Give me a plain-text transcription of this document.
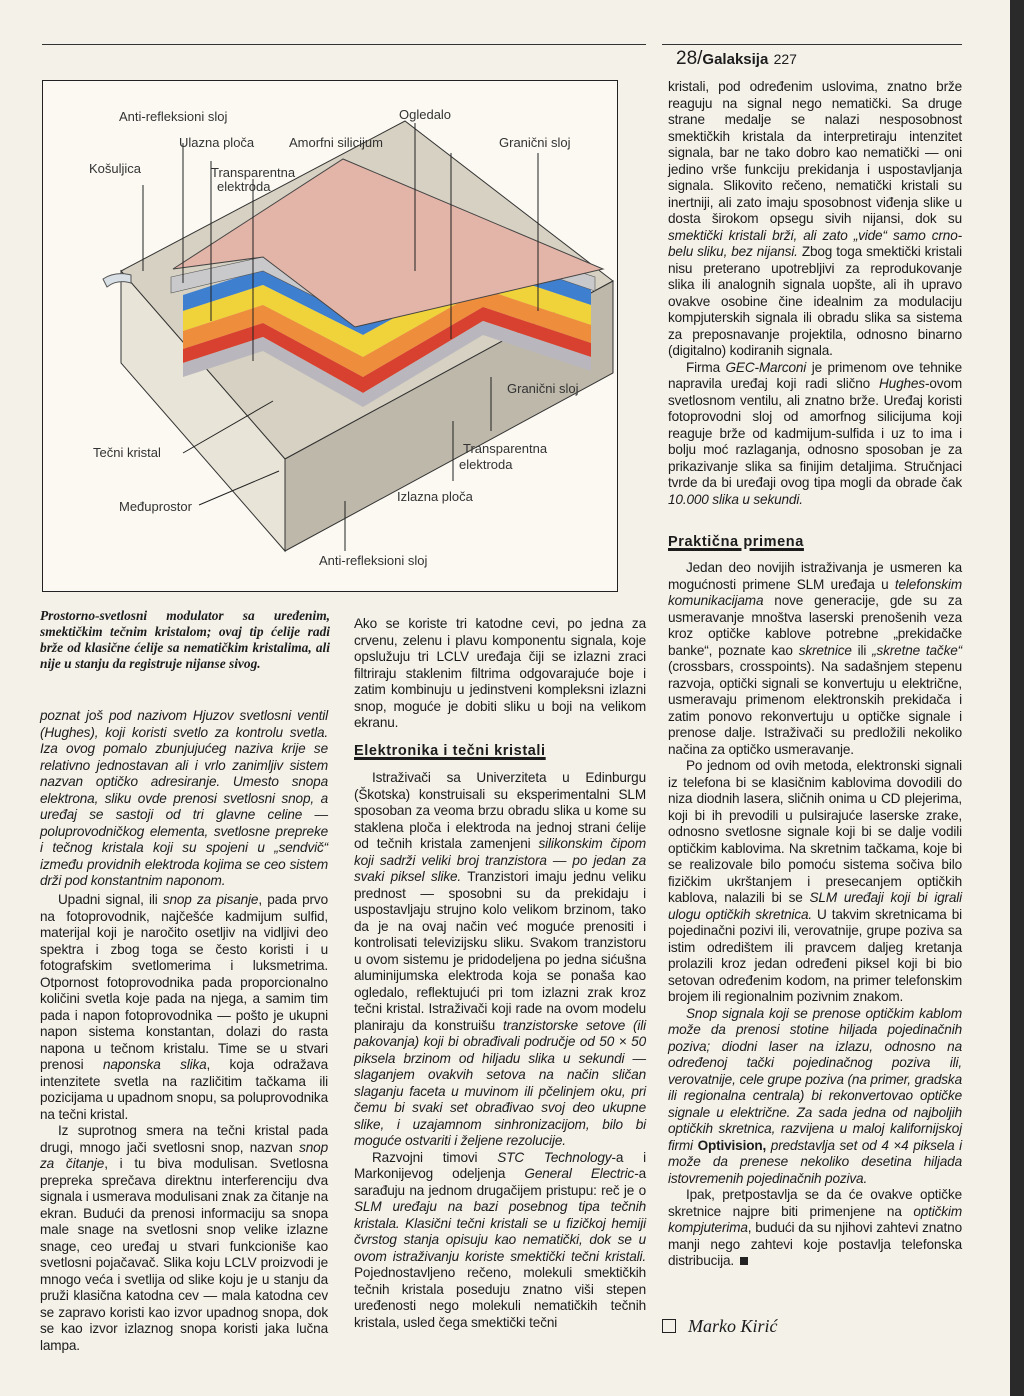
28/Galaksija 227
Anti-refleksioni sloj	Ogledalo
Ulazna ploča	Amorfni silicijum	Granični sloj
Košuljica	Transparentna
elektroda
Granični sloj
Tečni kristal	Transparentna
elektroda
Međuprostor
Izlazna ploča
Anti-refleksioni sloj

Prostorno-svetlosni modulator sa uređenim, smektičkim tečnim kristalom; ovaj tip ćelije radi brže od klasične ćelije sa nematičkim kristalima, ali nije u stanju da registruje nijanse sivog.

poznat još pod nazivom Hjuzov svetlosni ventil (Hughes), koji koristi svetlo za kontrolu svetla. Iza ovog pomalo zbunjujućeg naziva krije se relativno jednostavan ali i vrlo zanimljiv sistem nazvan optičko adresiranje. Umesto snopa elektrona, sliku ovde prenosi svetlosni snop, a uređaj se sastoji od tri glavne celine — poluprovodničkog elementa, svetlosne prepreke i tečnog kristala koji su spojeni u „sendvič“ između providnih elektroda kojima se ceo sistem drži pod konstantnim naponom.

Upadni signal, ili snop za pisanje, pada prvo na fotoprovodnik, najčešće kadmijum sulfid, materijal koji je naročito osetljiv na vidljivi deo spektra i zbog toga se često koristi i u fotografskim svetlomerima i luksmetrima. Otpornost fotoprovodnika pada proporcionalno količini svetla koje pada na njega, a samim tim pada i napon fotoprovodnika — pošto je ukupni napon sistema konstantan, dolazi do rasta napona u tečnom kristalu. Time se u stvari prenosi naponska slika, koja odražava intenzitete svetla na različitim tačkama ili pozicijama u upadnom snopu, sa poluprovodnika na tečni kristal.

Iz suprotnog smera na tečni kristal pada drugi, mnogo jači svetlosni snop, nazvan snop za čitanje, i tu biva modulisan. Svetlosna prepreka sprečava direktnu interferenciju dva signala i usmerava modulisani znak za čitanje na ekran. Budući da prenosi informaciju sa snopa male snage na svetlosni snop velike izlazne snage, ceo uređaj u stvari funkcioniše kao svetlosni pojačavač. Slika koju LCLV proizvodi je mnogo veća i svetlija od slike koju je u stanju da pruži klasična katodna cev — mala katodna cev se zapravo koristi kao izvor upadnog snopa, dok se kao izvor izlaznog snopa koristi jaka lučna lampa.

Ako se koriste tri katodne cevi, po jedna za crvenu, zelenu i plavu komponentu signala, koje opslužuju tri LCLV uređaja čiji se izlazni zraci filtriraju staklenim filtrima odgovarajuće boje i zatim kombinuju u jedinstveni kompleksni izlazni snop, moguće je dobiti sliku u boji na velikom ekranu.

Elektronika i tečni kristali

Istraživači sa Univerziteta u Edinburgu (Škotska) konstruisali su eksperimentalni SLM sposoban za veoma brzu obradu slika u kome su staklena ploča i elektroda na jednoj strani ćelije od tečnih kristala zamenjeni silikonskim čipom koji sadrži veliki broj tranzistora — po jedan za svaki piksel slike. Tranzistori imaju jednu veliku prednost — sposobni su da prekidaju i uspostavljaju strujno kolo velikom brzinom, tako da je na ovaj način već moguće prenositi i kontrolisati televizijsku sliku. Svakom tranzistoru u ovom sistemu je pridodeljena po jedna sićušna aluminijumska elektroda koja se ponaša kao ogledalo, reflektujući pri tom izlazni zrak kroz tečni kristal. Istraživači koji rade na ovom modelu planiraju da konstruišu tranzistorske setove (ili pakovanja) koji bi obrađivali područje od 50 × 50 piksela brzinom od hiljadu slika u sekundi — slaganjem ovakvih setova na način sličan slaganju faceta u muvinom ili pčelinjem oku, pri čemu bi svaki set obrađivao svoj deo ukupne slike, i uzajamnom sinhronizacijom, bilo bi moguće ostvariti i željene rezolucije.

Razvojni timovi STC Technology-a i Markonijevog odeljenja General Electric-a sarađuju na jednom drugačijem pristupu: reč je o SLM uređaju na bazi posebnog tipa tečnih kristala. Klasični tečni kristali se u fizičkoj hemiji čvrstog stanja opisuju kao nematički, dok se u ovom istraživanju koriste smektički tečni kristali. Pojednostavljeno rečeno, molekuli smektičkih tečnih kristala poseduju znatno viši stepen uređenosti nego molekuli nematičkih tečnih kristala, usled čega smektički tečni

kristali, pod određenim uslovima, znatno brže reaguju na signal nego nematički. Sa druge strane medalje se nalazi nesposobnost smektičkih kristala da interpretiraju intenzitet signala, bar ne tako dobro kao nematički — oni jedino vrše funkciju prekidanja i uspostavljanja signala. Slikovito rečeno, nematički kristali su inertniji, ali zato imaju sposobnost viđenja slike u dosta širokom opsegu sivih nijansi, dok su smektički kristali brži, ali zato „vide“ samo crno-belu sliku, bez nijansi. Zbog toga smektički kristali nisu preterano upotrebljivi za reprodukovanje slika ili analognih signala uopšte, ali ih upravo ovakve osobine čine idealnim za modulaciju kompjuterskih signala ili obradu slika sa sistema za preposnavanje projektila, odnosno binarno (digitalno) kodiranih signala.

Firma GEC-Marconi je primenom ove tehnike napravila uređaj koji radi slično Hughes-ovom svetlosnom ventilu, ali znatno brže. Uređaj koristi fotoprovodni sloj od amorfnog silicijuma koji reaguje brže od kadmijum-sulfida i uz to ima i bolju moć razlaganja, odnosno sposoban je za prikazivanje slika sa finijim detaljima. Stručnjaci tvrde da bi uređaji ovog tipa mogli da obrade čak 10.000 slika u sekundi.

Praktična primena

Jedan deo novijih istraživanja je usmeren ka mogućnosti primene SLM uređaja u telefonskim komunikacijama nove generacije, gde su za usmeravanje mnoštva laserski prenošenih veza kroz optičke kablove potrebne „prekidačke banke“, poznate kao skretnice ili „skretne tačke“ (crossbars, crosspoints). Na sadašnjem stepenu razvoja, optički signali se konvertuju u električne, usmeravaju primenom elektronskih prekidača i zatim ponovo rekonvertuju u optičke signale i prenose dalje. Istraživači su predložili nekoliko načina za optičko usmeravanje.

Po jednom od ovih metoda, elektronski signali iz telefona bi se klasičnim kablovima dovodili do niza diodnih lasera, sličnih onima u CD plejerima, koji bi ih prevodili u pulsirajuće laserske zrake, odnosno svetlosne signale koji bi se dalje vodili optičkim kablovima. Na skretnim tačkama, koje bi se realizovale bilo pomoću sistema sočiva bilo fizičkim ukrštanjem i presecanjem optičkih kablova, nalazili bi se SLM uređaji koji bi igrali ulogu optičkih skretnica. U takvim skretnicama bi pojedinačni pozivi ili, verovatnije, grupe poziva sa istim odredištem ili pravcem daljeg kretanja prolazili kroz jedan određeni piksel koji bi bio setovan određenim kodom, na primer telefonskim brojem ili regionalnim pozivnim znakom.

Snop signala koji se prenose optičkim kablom može da prenosi stotine hiljada pojedinačnih poziva; diodni laser na izlazu, odnosno na određenoj tački pojedinačnog poziva ili, verovatnije, cele grupe poziva (na primer, gradska ili regionalna centrala) bi rekonvertovao optičke signale u električne. Za sada jedna od najboljih optičkih skretnica, razvijena u maloj kalifornijskoj firmi Optivision, predstavlja set od 4 ×4 piksela i može da prenese nekoliko desetina hiljada istovremenih pojedinačnih poziva.

Ipak, pretpostavlja se da će ovakve optičke skretnice najpre biti primenjene na optičkim kompjuterima, budući da su njihovi zahtevi znatno manji nego zahtevi koje postavlja telefonska distribucija.

Marko Kirić
